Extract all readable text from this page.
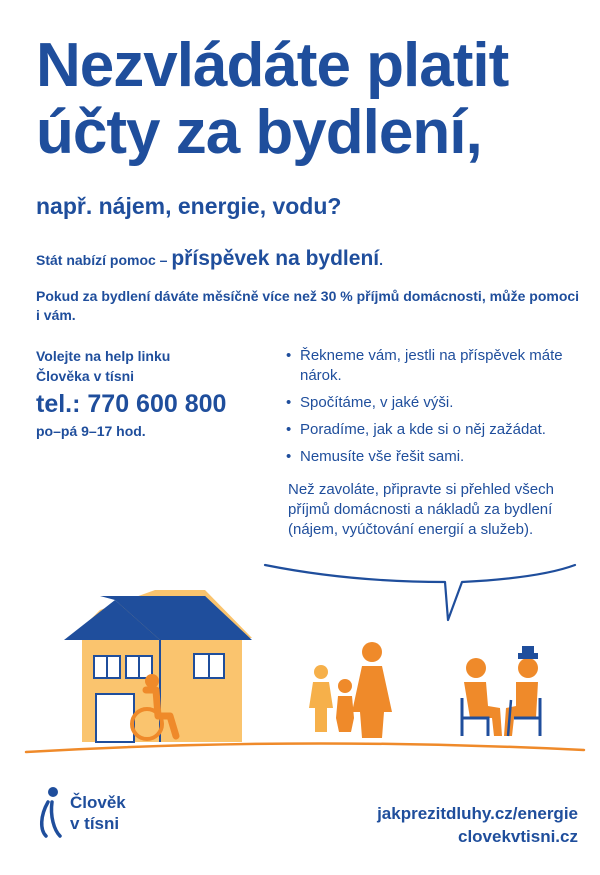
Nezvládáte platit
účty za bydlení,

např. nájem, energie, vodu?

Stát nabízí pomoc – příspěvek na bydlení.

Pokud za bydlení dáváte měsíčně více než 30 % příjmů domácnosti, může pomoci i vám.

Volejte na help linku
Člověka v tísni
tel.: 770 600 800
po–pá 9–17 hod.
• Řekneme vám, jestli na příspěvek máte nárok.
• Spočítáme, v jaké výši.
• Poradíme, jak a kde si o něj zažádat.
• Nemusíte vše řešit sami.

Než zavoláte, připravte si přehled všech příjmů domácnosti a nákladů za bydlení (nájem, vyúčtování energií a služeb).

Člověk
v tísni
jakprezitdluhy.cz/energie
clovekvtisni.cz
